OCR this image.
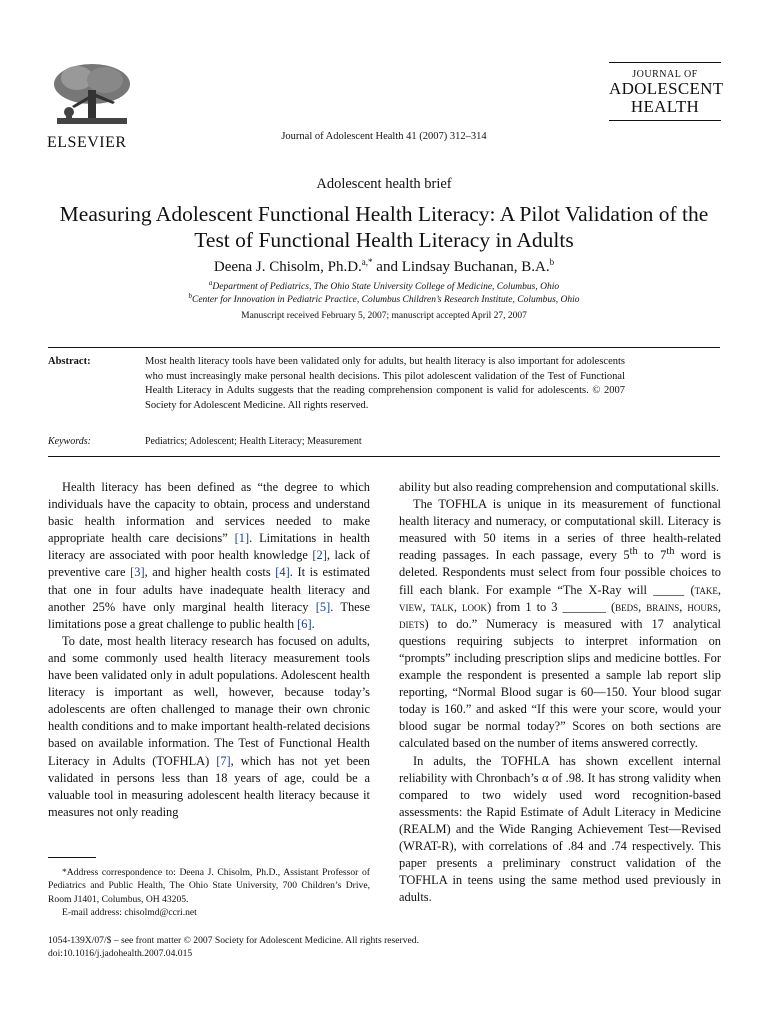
ELSEVIER	Journal of Adolescent Health 41 (2007) 312–314
JOURNAL OF
ADOLESCENT
HEALTH
Adolescent health brief
Measuring Adolescent Functional Health Literacy: A Pilot Validation of the Test of Functional Health Literacy in Adults
Deena J. Chisolm, Ph.D.$^{a,*}$ and Lindsay Buchanan, B.A.$^b$
$^a$Department of Pediatrics, The Ohio State University College of Medicine, Columbus, Ohio
$^b$Center for Innovation in Pediatric Practice, Columbus Children’s Research Institute, Columbus, Ohio
Manuscript received February 5, 2007; manuscript accepted April 27, 2007
Abstract:	Most health literacy tools have been validated only for adults, but health literacy is also important for adolescents who must increasingly make personal health decisions. This pilot adolescent validation of the Test of Functional Health Literacy in Adults suggests that the reading comprehension component is valid for adolescents. © 2007 Society for Adolescent Medicine. All rights reserved.
Keywords:	Pediatrics; Adolescent; Health Literacy; Measurement

Health literacy has been defined as “the degree to which individuals have the capacity to obtain, process and understand basic health information and services needed to make appropriate health care decisions” [1]. Limitations in health literacy are associated with poor health knowledge [2], lack of preventive care [3], and higher health costs [4]. It is estimated that one in four adults have inadequate health literacy and another 25% have only marginal health literacy [5]. These limitations pose a great challenge to public health [6].

To date, most health literacy research has focused on adults, and some commonly used health literacy measurement tools have been validated only in adult populations. Adolescent health literacy is important as well, however, because today’s adolescents are often challenged to manage their own chronic health conditions and to make important health-related decisions based on available information. The Test of Functional Health Literacy in Adults (TOFHLA) [7], which has not yet been validated in persons less than 18 years of age, could be a valuable tool in measuring adolescent health literacy because it measures not only reading

*Address correspondence to: Deena J. Chisolm, Ph.D., Assistant Professor of Pediatrics and Public Health, The Ohio State University, 700 Children’s Drive, Room J1401, Columbus, OH 43205.

E-mail address: chisolmd@ccri.net

ability but also reading comprehension and computational skills.

The TOFHLA is unique in its measurement of functional health literacy and numeracy, or computational skill. Literacy is measured with 50 items in a series of three health-related reading passages. In each passage, every 5th to 7th word is deleted. Respondents must select from four possible choices to fill each blank. For example “The X-Ray will _____ (take, view, talk, look) from 1 to 3 _______ (beds, brains, hours, diets) to do.” Numeracy is measured with 17 analytical questions requiring subjects to interpret information on “prompts” including prescription slips and medicine bottles. For example the respondent is presented a sample lab report slip reporting, “Normal Blood sugar is 60—150. Your blood sugar today is 160.” and asked “If this were your score, would your blood sugar be normal today?” Scores on both sections are calculated based on the number of items answered correctly.

In adults, the TOFHLA has shown excellent internal reliability with Chronbach’s α of .98. It has strong validity when compared to two widely used word recognition-based assessments: the Rapid Estimate of Adult Literacy in Medicine (REALM) and the Wide Ranging Achievement Test—Revised (WRAT-R), with correlations of .84 and .74 respectively. This paper presents a preliminary construct validation of the TOFHLA in teens using the same method used previously in adults.

1054-139X/07/$ – see front matter © 2007 Society for Adolescent Medicine. All rights reserved.
doi:10.1016/j.jadohealth.2007.04.015
